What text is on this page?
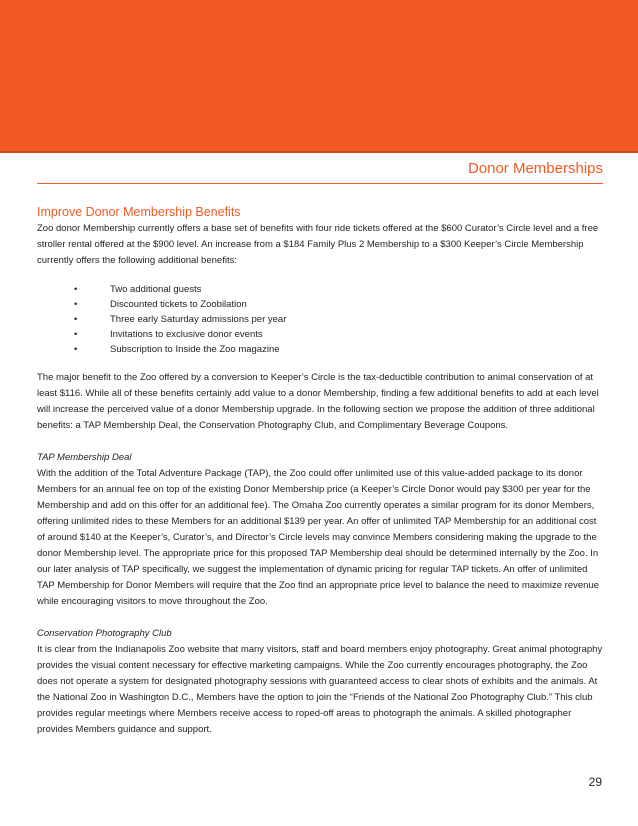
Donor Memberships
Improve Donor Membership Benefits

Zoo donor Membership currently offers a base set of benefits with four ride tickets offered at the $600 Curator’s Circle level and a free stroller rental offered at the $900 level. An increase from a $184 Family Plus 2 Membership to a $300 Keeper’s Circle Membership currently offers the following additional benefits:

•	Two additional guests
•	Discounted tickets to Zoobilation
•	Three early Saturday admissions per year
•	Invitations to exclusive donor events
•	Subscription to Inside the Zoo magazine

The major benefit to the Zoo offered by a conversion to Keeper’s Circle is the tax-deductible contribution to animal conservation of at least $116. While all of these benefits certainly add value to a donor Membership, finding a few additional benefits to add at each level will increase the perceived value of a donor Membership upgrade. In the following section we propose the addition of three additional benefits: a TAP Membership Deal, the Conservation Photography Club, and Complimentary Beverage Coupons.

TAP Membership Deal

With the addition of the Total Adventure Package (TAP), the Zoo could offer unlimited use of this value-added package to its donor Members for an annual fee on top of the existing Donor Membership price (a Keeper’s Circle Donor would pay $300 per year for the Membership and add on this offer for an additional fee). The Omaha Zoo currently operates a similar program for its donor Members, offering unlimited rides to these Members for an additional $139 per year. An offer of unlimited TAP Membership for an additional cost of around $140 at the Keeper’s, Curator’s, and Director’s Circle levels may convince Members considering making the upgrade to the donor Membership level. The appropriate price for this proposed TAP Membership deal should be determined internally by the Zoo. In our later analysis of TAP specifically, we suggest the implementation of dynamic pricing for regular TAP tickets. An offer of unlimited TAP Membership for Donor Members will require that the Zoo find an appropriate price level to balance the need to maximize revenue while encouraging visitors to move throughout the Zoo.

Conservation Photography Club

It is clear from the Indianapolis Zoo website that many visitors, staff and board members enjoy photography. Great animal photography provides the visual content necessary for effective marketing campaigns. While the Zoo currently encourages photography, the Zoo does not operate a system for designated photography sessions with guaranteed access to clear shots of exhibits and the animals. At the National Zoo in Washington D.C., Members have the option to join the “Friends of the National Zoo Photography Club.” This club provides regular meetings where Members receive access to roped-off areas to photograph the animals. A skilled photographer provides Members guidance and support.

29
